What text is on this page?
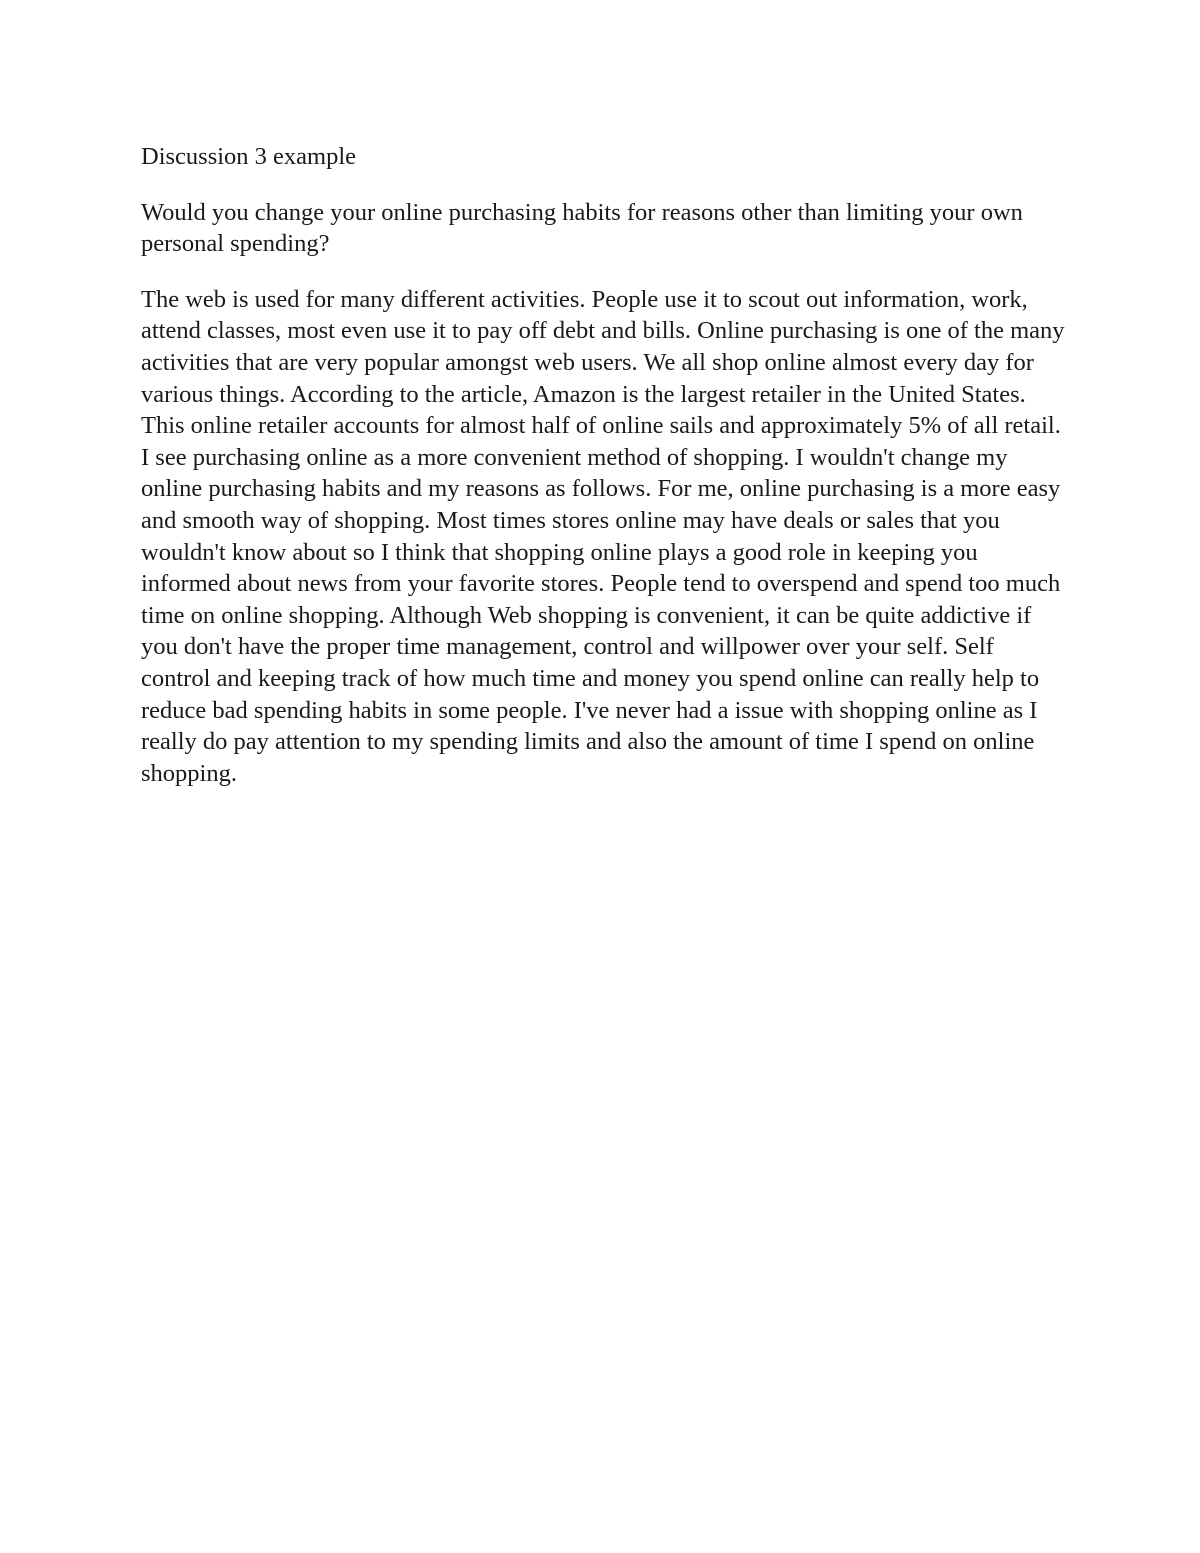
Discussion 3 example

Would you change your online purchasing habits for reasons other than limiting your own personal spending?

The web is used for many different activities. People use it to scout out information, work, attend classes, most even use it to pay off debt and bills. Online purchasing is one of the many activities that are very popular amongst web users. We all shop online almost every day for various things. According to the article, Amazon is the largest retailer in the United States. This online retailer accounts for almost half of online sails and approximately 5% of all retail. I see purchasing online as a more convenient method of shopping. I wouldn't change my online purchasing habits and my reasons as follows. For me, online purchasing is a more easy and smooth way of shopping. Most times stores online may have deals or sales that you wouldn't know about so I think that shopping online plays a good role in keeping you informed about news from your favorite stores. People tend to overspend and spend too much time on online shopping. Although Web shopping is convenient, it can be quite addictive if you don't have the proper time management, control and willpower over your self. Self control and keeping track of how much time and money you spend online can really help to reduce bad spending habits in some people. I've never had a issue with shopping online as I really do pay attention to my spending limits and also the amount of time I spend on online shopping.
